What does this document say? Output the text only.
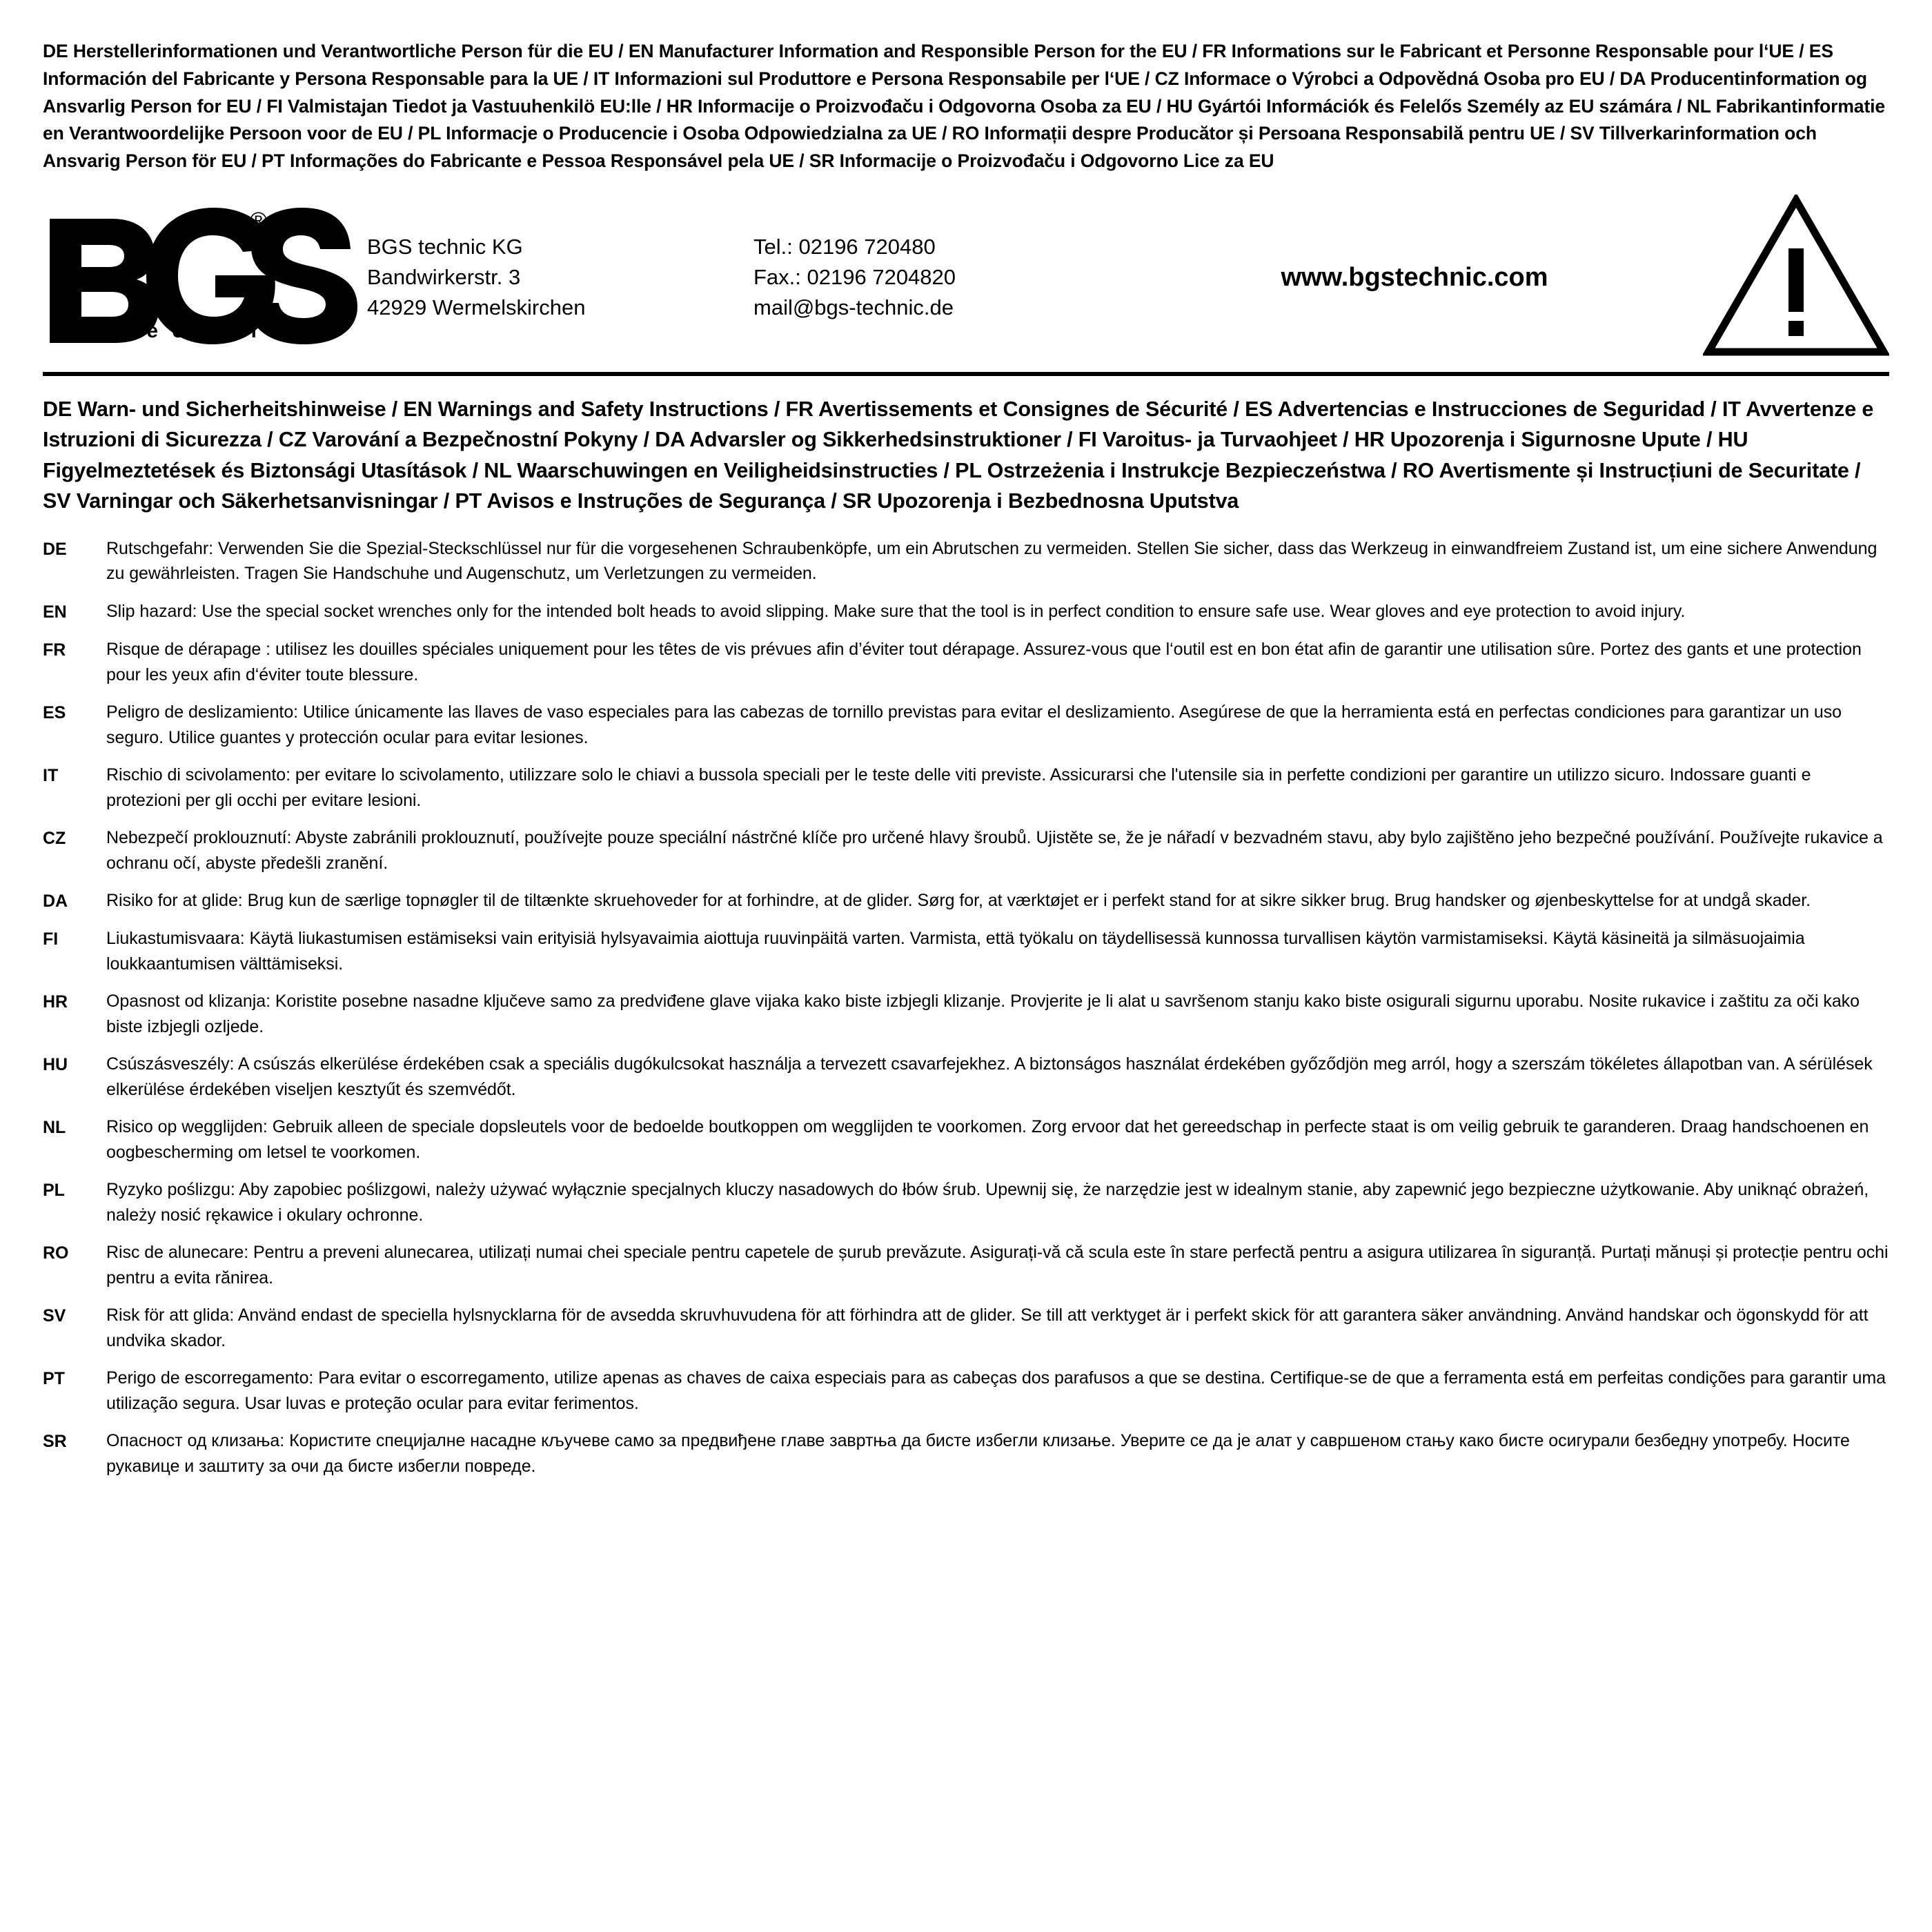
DE Herstellerinformationen und Verantwortliche Person für die EU / EN Manufacturer Information and Responsible Person for the EU / FR Informations sur le Fabricant et Personne Responsable pour l‘UE / ES Información del Fabricante y Persona Responsable para la UE / IT Informazioni sul Produttore e Persona Responsabile per l‘UE / CZ Informace o Výrobci a Odpovědná Osoba pro EU / DA Producentinformation og Ansvarlig Person for EU / FI Valmistajan Tiedot ja Vastuuhenkilö EU:lle / HR Informacije o Proizvođaču i Odgovorna Osoba za EU / HU Gyártói Információk és Felelős Személy az EU számára / NL Fabrikantinformatie en Verantwoordelijke Persoon voor de EU / PL Informacje o Producencie i Osoba Odpowiedzialna za UE / RO Informații despre Producător și Persoana Responsabilă pentru UE / SV Tillverkarinformation och Ansvarig Person för EU / PT Informações do Fabricante e Pessoa Responsável pela UE / SR Informacije o Proizvođaču i Odgovorno Lice za EU
®
t e c h n i c
BGS technic KG
Bandwirkerstr. 3
42929 Wermelskirchen
Tel.: 02196 720480
Fax.: 02196 7204820
mail@bgs-technic.de
www.bgstechnic.com
DE Warn- und Sicherheitshinweise / EN Warnings and Safety Instructions / FR Avertissements et Consignes de Sécurité / ES Advertencias e Instrucciones de Seguridad / IT Avvertenze e Istruzioni di Sicurezza / CZ Varování a Bezpečnostní Pokyny / DA Advarsler og Sikkerhedsinstruktioner / FI Varoitus- ja Turvaohjeet / HR Upozorenja i Sigurnosne Upute / HU Figyelmeztetések és Biztonsági Utasítások / NL Waarschuwingen en Veiligheidsinstructies / PL Ostrzeżenia i Instrukcje Bezpieczeństwa / RO Avertismente și Instrucțiuni de Securitate / SV Varningar och Säkerhetsanvisningar / PT Avisos e Instruções de Segurança / SR Upozorenja i Bezbednosna Uputstva
DE	Rutschgefahr: Verwenden Sie die Spezial-Steckschlüssel nur für die vorgesehenen Schraubenköpfe, um ein Abrutschen zu vermeiden. Stellen Sie sicher, dass das Werkzeug in einwandfreiem Zustand ist, um eine sichere Anwendung zu gewährleisten. Tragen Sie Handschuhe und Augenschutz, um Verletzungen zu vermeiden.
EN	Slip hazard: Use the special socket wrenches only for the intended bolt heads to avoid slipping. Make sure that the tool is in perfect condition to ensure safe use. Wear gloves and eye protection to avoid injury.
FR	Risque de dérapage : utilisez les douilles spéciales uniquement pour les têtes de vis prévues afin d’éviter tout dérapage. Assurez-vous que l‘outil est en bon état afin de garantir une utilisation sûre. Portez des gants et une protection pour les yeux afin d‘éviter toute blessure.
ES	Peligro de deslizamiento: Utilice únicamente las llaves de vaso especiales para las cabezas de tornillo previstas para evitar el deslizamiento. Asegúrese de que la herramienta está en perfectas condiciones para garantizar un uso seguro. Utilice guantes y protección ocular para evitar lesiones.
IT	Rischio di scivolamento: per evitare lo scivolamento, utilizzare solo le chiavi a bussola speciali per le teste delle viti previste. Assicurarsi che l'utensile sia in perfette condizioni per garantire un utilizzo sicuro. Indossare guanti e protezioni per gli occhi per evitare lesioni.
CZ	Nebezpečí proklouznutí: Abyste zabránili proklouznutí, používejte pouze speciální nástrčné klíče pro určené hlavy šroubů. Ujistěte se, že je nářadí v bezvadném stavu, aby bylo zajištěno jeho bezpečné používání. Používejte rukavice a ochranu očí, abyste předešli zranění.
DA	Risiko for at glide: Brug kun de særlige topnøgler til de tiltænkte skruehoveder for at forhindre, at de glider. Sørg for, at værktøjet er i perfekt stand for at sikre sikker brug. Brug handsker og øjenbeskyttelse for at undgå skader.
FI	Liukastumisvaara: Käytä liukastumisen estämiseksi vain erityisiä hylsyavaimia aiottuja ruuvinpäitä varten. Varmista, että työkalu on täydellisessä kunnossa turvallisen käytön varmistamiseksi. Käytä käsineitä ja silmäsuojaimia loukkaantumisen välttämiseksi.
HR	Opasnost od klizanja: Koristite posebne nasadne ključeve samo za predviđene glave vijaka kako biste izbjegli klizanje. Provjerite je li alat u savršenom stanju kako biste osigurali sigurnu uporabu. Nosite rukavice i zaštitu za oči kako biste izbjegli ozljede.
HU	Csúszásveszély: A csúszás elkerülése érdekében csak a speciális dugókulcsokat használja a tervezett csavarfejekhez. A biztonságos használat érdekében győződjön meg arról, hogy a szerszám tökéletes állapotban van. A sérülések elkerülése érdekében viseljen kesztyűt és szemvédőt.
NL	Risico op wegglijden: Gebruik alleen de speciale dopsleutels voor de bedoelde boutkoppen om wegglijden te voorkomen. Zorg ervoor dat het gereedschap in perfecte staat is om veilig gebruik te garanderen. Draag handschoenen en oogbescherming om letsel te voorkomen.
PL	Ryzyko poślizgu: Aby zapobiec poślizgowi, należy używać wyłącznie specjalnych kluczy nasadowych do łbów śrub. Upewnij się, że narzędzie jest w idealnym stanie, aby zapewnić jego bezpieczne użytkowanie. Aby uniknąć obrażeń, należy nosić rękawice i okulary ochronne.
RO	Risc de alunecare: Pentru a preveni alunecarea, utilizați numai chei speciale pentru capetele de șurub prevăzute. Asigurați-vă că scula este în stare perfectă pentru a asigura utilizarea în siguranță. Purtați mănuși și protecție pentru ochi pentru a evita rănirea.
SV	Risk för att glida: Använd endast de speciella hylsnycklarna för de avsedda skruvhuvudena för att förhindra att de glider. Se till att verktyget är i perfekt skick för att garantera säker användning. Använd handskar och ögonskydd för att undvika skador.
PT	Perigo de escorregamento: Para evitar o escorregamento, utilize apenas as chaves de caixa especiais para as cabeças dos parafusos a que se destina. Certifique-se de que a ferramenta está em perfeitas condições para garantir uma utilização segura. Usar luvas e proteção ocular para evitar ferimentos.
SR	Опасност од клизања: Користите специјалне насадне кључеве само за предвиђене главе завртња да бисте избегли клизање. Уверите се да је алат у савршеном стању како бисте осигурали безбедну употребу. Носите рукавице и заштиту за очи да бисте избегли повреде.
